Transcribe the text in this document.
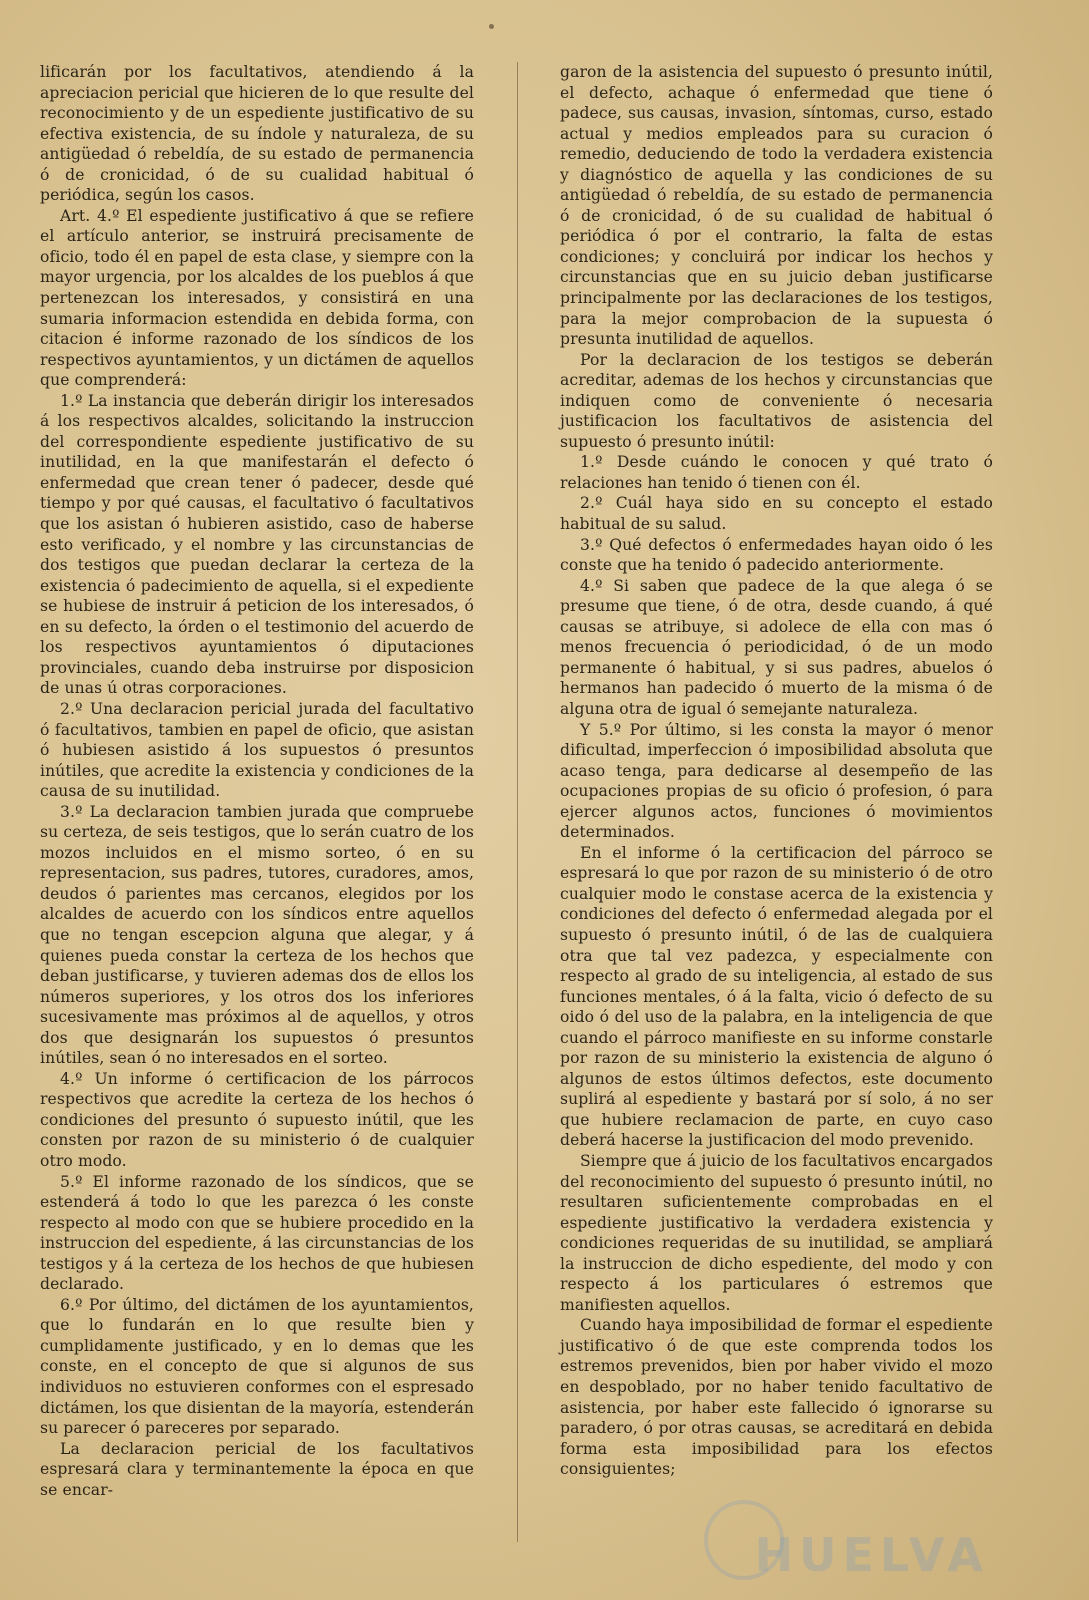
lificarán por los facultativos, atendiendo á la apreciacion pericial que hicieren de lo que resulte del reconocimiento y de un espediente justificativo de su efectiva existencia, de su índole y naturaleza, de su antigüedad ó rebeldía, de su estado de permanencia ó de cronicidad, ó de su cualidad habitual ó periódica, según los casos.

Art. 4.º El espediente justificativo á que se refiere el artículo anterior, se instruirá precisamente de oficio, todo él en papel de esta clase, y siempre con la mayor urgencia, por los alcaldes de los pueblos á que pertenezcan los interesados, y consistirá en una sumaria informacion estendida en debida forma, con citacion é informe razonado de los síndicos de los respectivos ayuntamientos, y un dictámen de aquellos que comprenderá:

1.º La instancia que deberán dirigir los interesados á los respectivos alcaldes, solicitando la instruccion del correspondiente espediente justificativo de su inutilidad, en la que manifestarán el defecto ó enfermedad que crean tener ó padecer, desde qué tiempo y por qué causas, el facultativo ó facultativos que los asistan ó hubieren asistido, caso de haberse esto verificado, y el nombre y las circunstancias de dos testigos que puedan declarar la certeza de la existencia ó padecimiento de aquella, si el expediente se hubiese de instruir á peticion de los interesados, ó en su defecto, la órden o el testimonio del acuerdo de los respectivos ayuntamientos ó diputaciones provinciales, cuando deba instruirse por disposicion de unas ú otras corporaciones.

2.º Una declaracion pericial jurada del facultativo ó facultativos, tambien en papel de oficio, que asistan ó hubiesen asistido á los supuestos ó presuntos inútiles, que acredite la existencia y condiciones de la causa de su inutilidad.

3.º La declaracion tambien jurada que compruebe su certeza, de seis testigos, que lo serán cuatro de los mozos incluidos en el mismo sorteo, ó en su representacion, sus padres, tutores, curadores, amos, deudos ó parientes mas cercanos, elegidos por los alcaldes de acuerdo con los síndicos entre aquellos que no tengan escepcion alguna que alegar, y á quienes pueda constar la certeza de los hechos que deban justificarse, y tuvieren ademas dos de ellos los números superiores, y los otros dos los inferiores sucesivamente mas próximos al de aquellos, y otros dos que designarán los supuestos ó presuntos inútiles, sean ó no interesados en el sorteo.

4.º Un informe ó certificacion de los párrocos respectivos que acredite la certeza de los hechos ó condiciones del presunto ó supuesto inútil, que les consten por razon de su ministerio ó de cualquier otro modo.

5.º El informe razonado de los síndicos, que se estenderá á todo lo que les parezca ó les conste respecto al modo con que se hubiere procedido en la instruccion del espediente, á las circunstancias de los testigos y á la certeza de los hechos de que hubiesen declarado.

6.º Por último, del dictámen de los ayuntamientos, que lo fundarán en lo que resulte bien y cumplidamente justificado, y en lo demas que les conste, en el concepto de que si algunos de sus individuos no estuvieren conformes con el espresado dictámen, los que disientan de la mayoría, estenderán su parecer ó pareceres por separado.

La declaracion pericial de los facultativos espresará clara y terminantemente la época en que se encar-

garon de la asistencia del supuesto ó presunto inútil, el defecto, achaque ó enfermedad que tiene ó padece, sus causas, invasion, síntomas, curso, estado actual y medios empleados para su curacion ó remedio, deduciendo de todo la verdadera existencia y diagnóstico de aquella y las condiciones de su antigüedad ó rebeldía, de su estado de permanencia ó de cronicidad, ó de su cualidad de habitual ó periódica ó por el contrario, la falta de estas condiciones; y concluirá por indicar los hechos y circunstancias que en su juicio deban justificarse principalmente por las declaraciones de los testigos, para la mejor comprobacion de la supuesta ó presunta inutilidad de aquellos.

Por la declaracion de los testigos se deberán acreditar, ademas de los hechos y circunstancias que indiquen como de conveniente ó necesaria justificacion los facultativos de asistencia del supuesto ó presunto inútil:

1.º Desde cuándo le conocen y qué trato ó relaciones han tenido ó tienen con él.

2.º Cuál haya sido en su concepto el estado habitual de su salud.

3.º Qué defectos ó enfermedades hayan oido ó les conste que ha tenido ó padecido anteriormente.

4.º Si saben que padece de la que alega ó se presume que tiene, ó de otra, desde cuando, á qué causas se atribuye, si adolece de ella con mas ó menos frecuencia ó periodicidad, ó de un modo permanente ó habitual, y si sus padres, abuelos ó hermanos han padecido ó muerto de la misma ó de alguna otra de igual ó semejante naturaleza.

Y 5.º Por último, si les consta la mayor ó menor dificultad, imperfeccion ó imposibilidad absoluta que acaso tenga, para dedicarse al desempeño de las ocupaciones propias de su oficio ó profesion, ó para ejercer algunos actos, funciones ó movimientos determinados.

En el informe ó la certificacion del párroco se espresará lo que por razon de su ministerio ó de otro cualquier modo le constase acerca de la existencia y condiciones del defecto ó enfermedad alegada por el supuesto ó presunto inútil, ó de las de cualquiera otra que tal vez padezca, y especialmente con respecto al grado de su inteligencia, al estado de sus funciones mentales, ó á la falta, vicio ó defecto de su oido ó del uso de la palabra, en la inteligencia de que cuando el párroco manifieste en su informe constarle por razon de su ministerio la existencia de alguno ó algunos de estos últimos defectos, este documento suplirá al espediente y bastará por sí solo, á no ser que hubiere reclamacion de parte, en cuyo caso deberá hacerse la justificacion del modo prevenido.

Siempre que á juicio de los facultativos encargados del reconocimiento del supuesto ó presunto inútil, no resultaren suficientemente comprobadas en el espediente justificativo la verdadera existencia y condiciones requeridas de su inutilidad, se ampliará la instruccion de dicho espediente, del modo y con respecto á los particulares ó estremos que manifiesten aquellos.

Cuando haya imposibilidad de formar el espediente justificativo ó de que este comprenda todos los estremos prevenidos, bien por haber vivido el mozo en despoblado, por no haber tenido facultativo de asistencia, por haber este fallecido ó ignorarse su paradero, ó por otras causas, se acreditará en debida forma esta imposibilidad para los efectos consiguientes;

HUELVA
